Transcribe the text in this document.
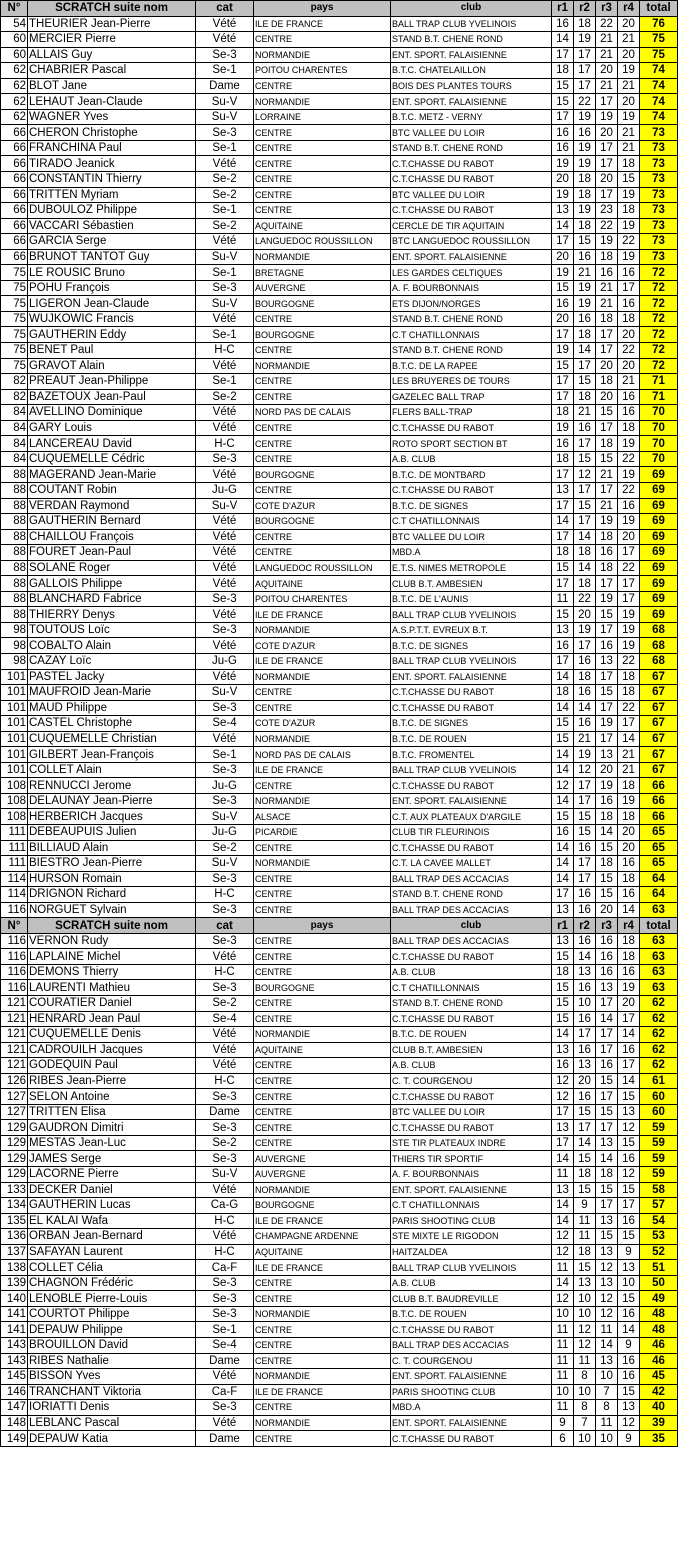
N°	SCRATCH suite nom	cat	pays	club	r1	r2	r3	r4	total
54	THEURIER Jean-Pierre	Vété	ILE DE FRANCE	BALL TRAP CLUB YVELINOIS	16	18	22	20	76
60	MERCIER Pierre	Vété	CENTRE	STAND B.T. CHENE ROND	14	19	21	21	75
60	ALLAIS Guy	Se-3	NORMANDIE	ENT. SPORT. FALAISIENNE	17	17	21	20	75
62	CHABRIER Pascal	Se-1	POITOU CHARENTES	B.T.C. CHATELAILLON	18	17	20	19	74
62	BLOT Jane	Dame	CENTRE	BOIS DES PLANTES TOURS	15	17	21	21	74
62	LEHAUT Jean-Claude	Su-V	NORMANDIE	ENT. SPORT. FALAISIENNE	15	22	17	20	74
62	WAGNER Yves	Su-V	LORRAINE	B.T.C. METZ - VERNY	17	19	19	19	74
66	CHERON Christophe	Se-3	CENTRE	BTC VALLEE DU LOIR	16	16	20	21	73
66	FRANCHINA Paul	Se-1	CENTRE	STAND B.T. CHENE ROND	16	19	17	21	73
66	TIRADO Jeanick	Vété	CENTRE	C.T.CHASSE DU RABOT	19	19	17	18	73
66	CONSTANTIN Thierry	Se-2	CENTRE	C.T.CHASSE DU RABOT	20	18	20	15	73
66	TRITTEN Myriam	Se-2	CENTRE	BTC VALLEE DU LOIR	19	18	17	19	73
66	DUBOULOZ Philippe	Se-1	CENTRE	C.T.CHASSE DU RABOT	13	19	23	18	73
66	VACCARI Sébastien	Se-2	AQUITAINE	CERCLE DE TIR AQUITAIN	14	18	22	19	73
66	GARCIA Serge	Vété	LANGUEDOC ROUSSILLON	BTC LANGUEDOC ROUSSILLON	17	15	19	22	73
66	BRUNOT TANTOT Guy	Su-V	NORMANDIE	ENT. SPORT. FALAISIENNE	20	16	18	19	73
75	LE ROUSIC Bruno	Se-1	BRETAGNE	LES GARDES CELTIQUES	19	21	16	16	72
75	POHU François	Se-3	AUVERGNE	A. F. BOURBONNAIS	15	19	21	17	72
75	LIGERON Jean-Claude	Su-V	BOURGOGNE	ETS DIJON/NORGES	16	19	21	16	72
75	WUJKOWIC Francis	Vété	CENTRE	STAND B.T. CHENE ROND	20	16	18	18	72
75	GAUTHERIN Eddy	Se-1	BOURGOGNE	C.T CHATILLONNAIS	17	18	17	20	72
75	BENET Paul	H-C	CENTRE	STAND B.T. CHENE ROND	19	14	17	22	72
75	GRAVOT Alain	Vété	NORMANDIE	B.T.C. DE LA RAPEE	15	17	20	20	72
82	PREAUT Jean-Philippe	Se-1	CENTRE	LES BRUYERES DE TOURS	17	15	18	21	71
82	BAZETOUX Jean-Paul	Se-2	CENTRE	GAZELEC BALL TRAP	17	18	20	16	71
84	AVELLINO Dominique	Vété	NORD PAS DE CALAIS	FLERS BALL-TRAP	18	21	15	16	70
84	GARY Louis	Vété	CENTRE	C.T.CHASSE DU RABOT	19	16	17	18	70
84	LANCEREAU David	H-C	CENTRE	ROTO SPORT SECTION BT	16	17	18	19	70
84	CUQUEMELLE Cédric	Se-3	CENTRE	A.B. CLUB	18	15	15	22	70
88	MAGERAND Jean-Marie	Vété	BOURGOGNE	B.T.C. DE MONTBARD	17	12	21	19	69
88	COUTANT Robin	Ju-G	CENTRE	C.T.CHASSE DU RABOT	13	17	17	22	69
88	VERDAN Raymond	Su-V	COTE D'AZUR	B.T.C. DE SIGNES	17	15	21	16	69
88	GAUTHERIN Bernard	Vété	BOURGOGNE	C.T CHATILLONNAIS	14	17	19	19	69
88	CHAILLOU François	Vété	CENTRE	BTC VALLEE DU LOIR	17	14	18	20	69
88	FOURET Jean-Paul	Vété	CENTRE	MBD.A	18	18	16	17	69
88	SOLANE Roger	Vété	LANGUEDOC ROUSSILLON	E.T.S. NIMES METROPOLE	15	14	18	22	69
88	GALLOIS Philippe	Vété	AQUITAINE	CLUB B.T. AMBESIEN	17	18	17	17	69
88	BLANCHARD Fabrice	Se-3	POITOU CHARENTES	B.T.C. DE L'AUNIS	11	22	19	17	69
88	THIERRY Denys	Vété	ILE DE FRANCE	BALL TRAP CLUB YVELINOIS	15	20	15	19	69
98	TOUTOUS Loïc	Se-3	NORMANDIE	A.S.P.T.T. EVREUX B.T.	13	19	17	19	68
98	COBALTO Alain	Vété	COTE D'AZUR	B.T.C. DE SIGNES	16	17	16	19	68
98	CAZAY Loïc	Ju-G	ILE DE FRANCE	BALL TRAP CLUB YVELINOIS	17	16	13	22	68
101	PASTEL Jacky	Vété	NORMANDIE	ENT. SPORT. FALAISIENNE	14	18	17	18	67
101	MAUFROID Jean-Marie	Su-V	CENTRE	C.T.CHASSE DU RABOT	18	16	15	18	67
101	MAUD Philippe	Se-3	CENTRE	C.T.CHASSE DU RABOT	14	14	17	22	67
101	CASTEL Christophe	Se-4	COTE D'AZUR	B.T.C. DE SIGNES	15	16	19	17	67
101	CUQUEMELLE Christian	Vété	NORMANDIE	B.T.C. DE ROUEN	15	21	17	14	67
101	GILBERT Jean-François	Se-1	NORD PAS DE CALAIS	B.T.C. FROMENTEL	14	19	13	21	67
101	COLLET Alain	Se-3	ILE DE FRANCE	BALL TRAP CLUB YVELINOIS	14	12	20	21	67
108	RENNUCCI Jerome	Ju-G	CENTRE	C.T.CHASSE DU RABOT	12	17	19	18	66
108	DELAUNAY Jean-Pierre	Se-3	NORMANDIE	ENT. SPORT. FALAISIENNE	14	17	16	19	66
108	HERBERICH Jacques	Su-V	ALSACE	C.T. AUX PLATEAUX D'ARGILE	15	15	18	18	66
111	DEBEAUPUIS Julien	Ju-G	PICARDIE	CLUB TIR FLEURINOIS	16	15	14	20	65
111	BILLIAUD Alain	Se-2	CENTRE	C.T.CHASSE DU RABOT	14	16	15	20	65
111	BIESTRO Jean-Pierre	Su-V	NORMANDIE	C.T. LA CAVEE MALLET	14	17	18	16	65
114	HURSON Romain	Se-3	CENTRE	BALL TRAP DES ACCACIAS	14	17	15	18	64
114	DRIGNON Richard	H-C	CENTRE	STAND B.T. CHENE ROND	17	16	15	16	64
116	NORGUET Sylvain	Se-3	CENTRE	BALL TRAP DES ACCACIAS	13	16	20	14	63
N°	SCRATCH suite nom	cat	pays	club	r1	r2	r3	r4	total
116	VERNON Rudy	Se-3	CENTRE	BALL TRAP DES ACCACIAS	13	16	16	18	63
116	LAPLAINE Michel	Vété	CENTRE	C.T.CHASSE DU RABOT	15	14	16	18	63
116	DEMONS Thierry	H-C	CENTRE	A.B. CLUB	18	13	16	16	63
116	LAURENTI Mathieu	Se-3	BOURGOGNE	C.T CHATILLONNAIS	15	16	13	19	63
121	COURATIER Daniel	Se-2	CENTRE	STAND B.T. CHENE ROND	15	10	17	20	62
121	HENRARD Jean Paul	Se-4	CENTRE	C.T.CHASSE DU RABOT	15	16	14	17	62
121	CUQUEMELLE Denis	Vété	NORMANDIE	B.T.C. DE ROUEN	14	17	17	14	62
121	CADROUILH Jacques	Vété	AQUITAINE	CLUB B.T. AMBESIEN	13	16	17	16	62
121	GODEQUIN Paul	Vété	CENTRE	A.B. CLUB	16	13	16	17	62
126	RIBES Jean-Pierre	H-C	CENTRE	C. T. COURGENOU	12	20	15	14	61
127	SELON Antoine	Se-3	CENTRE	C.T.CHASSE DU RABOT	12	16	17	15	60
127	TRITTEN Elisa	Dame	CENTRE	BTC VALLEE DU LOIR	17	15	15	13	60
129	GAUDRON Dimitri	Se-3	CENTRE	C.T.CHASSE DU RABOT	13	17	17	12	59
129	MESTAS Jean-Luc	Se-2	CENTRE	STE TIR PLATEAUX INDRE	17	14	13	15	59
129	JAMES Serge	Se-3	AUVERGNE	THIERS TIR SPORTIF	14	15	14	16	59
129	LACORNE Pierre	Su-V	AUVERGNE	A. F. BOURBONNAIS	11	18	18	12	59
133	DECKER Daniel	Vété	NORMANDIE	ENT. SPORT. FALAISIENNE	13	15	15	15	58
134	GAUTHERIN Lucas	Ca-G	BOURGOGNE	C.T CHATILLONNAIS	14	9	17	17	57
135	EL KALAI Wafa	H-C	ILE DE FRANCE	PARIS SHOOTING CLUB	14	11	13	16	54
136	ORBAN Jean-Bernard	Vété	CHAMPAGNE ARDENNE	STE MIXTE LE RIGODON	12	11	15	15	53
137	SAFAYAN Laurent	H-C	AQUITAINE	HAITZALDEA	12	18	13	9	52
138	COLLET Célia	Ca-F	ILE DE FRANCE	BALL TRAP CLUB YVELINOIS	11	15	12	13	51
139	CHAGNON Frédéric	Se-3	CENTRE	A.B. CLUB	14	13	13	10	50
140	LENOBLE Pierre-Louis	Se-3	CENTRE	CLUB B.T. BAUDREVILLE	12	10	12	15	49
141	COURTOT Philippe	Se-3	NORMANDIE	B.T.C. DE ROUEN	10	10	12	16	48
141	DEPAUW Philippe	Se-1	CENTRE	C.T.CHASSE DU RABOT	11	12	11	14	48
143	BROUILLON David	Se-4	CENTRE	BALL TRAP DES ACCACIAS	11	12	14	9	46
143	RIBES Nathalie	Dame	CENTRE	C. T. COURGENOU	11	11	13	16	46
145	BISSON Yves	Vété	NORMANDIE	ENT. SPORT. FALAISIENNE	11	8	10	16	45
146	TRANCHANT Viktoria	Ca-F	ILE DE FRANCE	PARIS SHOOTING CLUB	10	10	7	15	42
147	IORIATTI Denis	Se-3	CENTRE	MBD.A	11	8	8	13	40
148	LEBLANC Pascal	Vété	NORMANDIE	ENT. SPORT. FALAISIENNE	9	7	11	12	39
149	DEPAUW Katia	Dame	CENTRE	C.T.CHASSE DU RABOT	6	10	10	9	35
